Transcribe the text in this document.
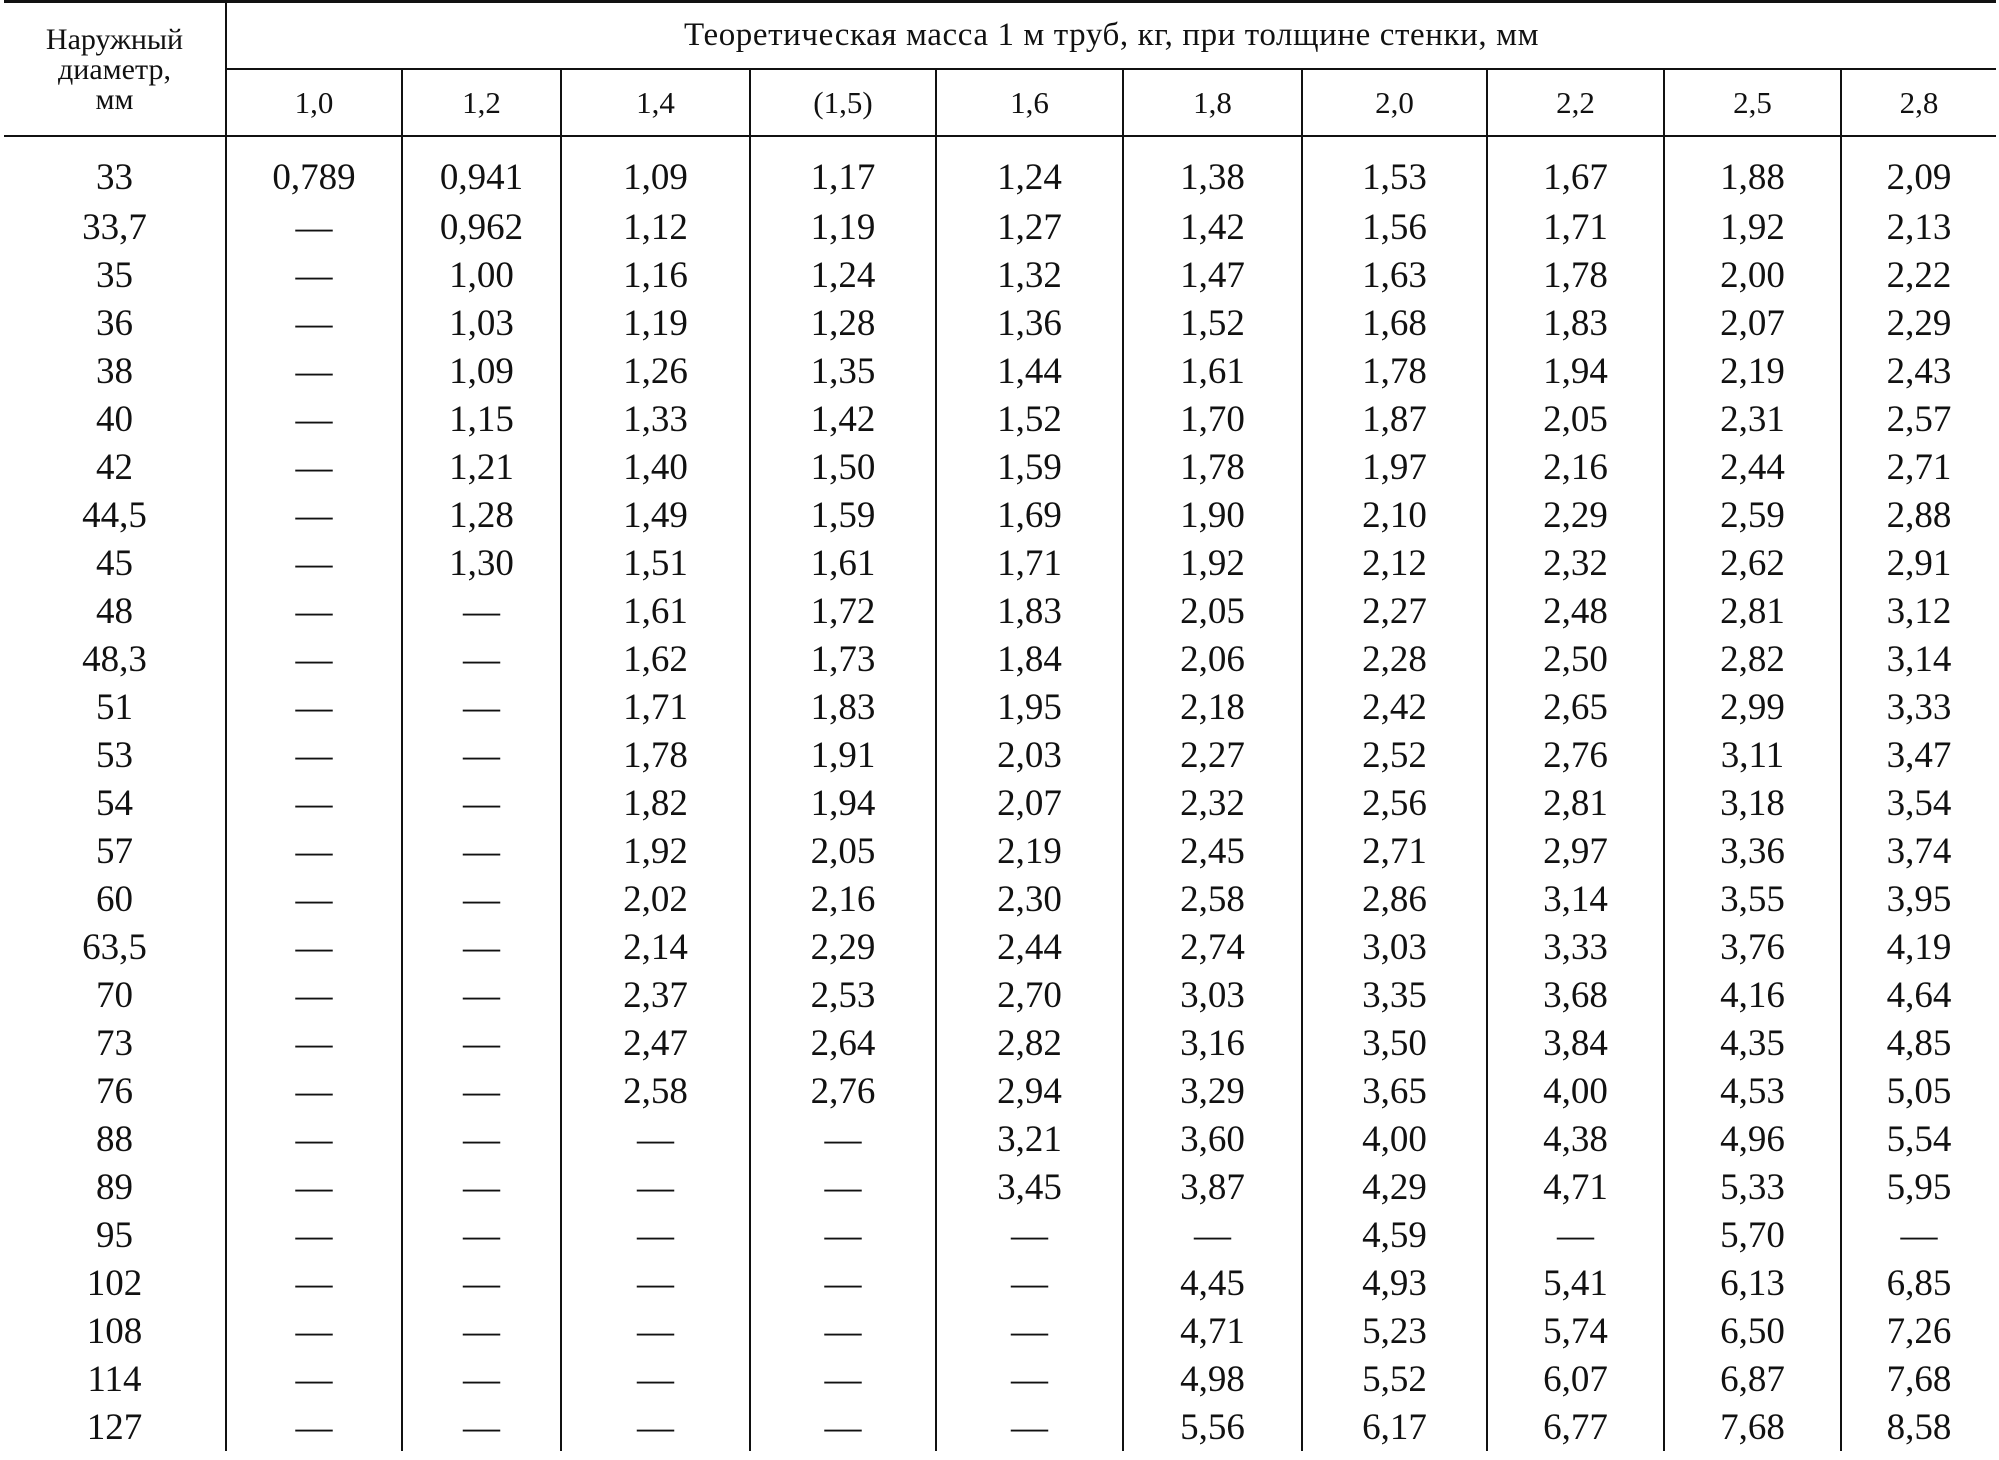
Наружный
диаметр,
мм	Теоретическая масса 1 м труб, кг, при толщине стенки, мм									
	1,0	1,2	1,4	(1,5)	1,6	1,8	2,0	2,2	2,5	2,8
33	0,789	0,941	1,09	1,17	1,24	1,38	1,53	1,67	1,88	2,09
33,7	—	0,962	1,12	1,19	1,27	1,42	1,56	1,71	1,92	2,13
35	—	1,00	1,16	1,24	1,32	1,47	1,63	1,78	2,00	2,22
36	—	1,03	1,19	1,28	1,36	1,52	1,68	1,83	2,07	2,29
38	—	1,09	1,26	1,35	1,44	1,61	1,78	1,94	2,19	2,43
40	—	1,15	1,33	1,42	1,52	1,70	1,87	2,05	2,31	2,57
42	—	1,21	1,40	1,50	1,59	1,78	1,97	2,16	2,44	2,71
44,5	—	1,28	1,49	1,59	1,69	1,90	2,10	2,29	2,59	2,88
45	—	1,30	1,51	1,61	1,71	1,92	2,12	2,32	2,62	2,91
48	—	—	1,61	1,72	1,83	2,05	2,27	2,48	2,81	3,12
48,3	—	—	1,62	1,73	1,84	2,06	2,28	2,50	2,82	3,14
51	—	—	1,71	1,83	1,95	2,18	2,42	2,65	2,99	3,33
53	—	—	1,78	1,91	2,03	2,27	2,52	2,76	3,11	3,47
54	—	—	1,82	1,94	2,07	2,32	2,56	2,81	3,18	3,54
57	—	—	1,92	2,05	2,19	2,45	2,71	2,97	3,36	3,74
60	—	—	2,02	2,16	2,30	2,58	2,86	3,14	3,55	3,95
63,5	—	—	2,14	2,29	2,44	2,74	3,03	3,33	3,76	4,19
70	—	—	2,37	2,53	2,70	3,03	3,35	3,68	4,16	4,64
73	—	—	2,47	2,64	2,82	3,16	3,50	3,84	4,35	4,85
76	—	—	2,58	2,76	2,94	3,29	3,65	4,00	4,53	5,05
88	—	—	—	—	3,21	3,60	4,00	4,38	4,96	5,54
89	—	—	—	—	3,45	3,87	4,29	4,71	5,33	5,95
95	—	—	—	—	—	—	4,59	—	5,70	—
102	—	—	—	—	—	4,45	4,93	5,41	6,13	6,85
108	—	—	—	—	—	4,71	5,23	5,74	6,50	7,26
114	—	—	—	—	—	4,98	5,52	6,07	6,87	7,68
127	—	—	—	—	—	5,56	6,17	6,77	7,68	8,58
